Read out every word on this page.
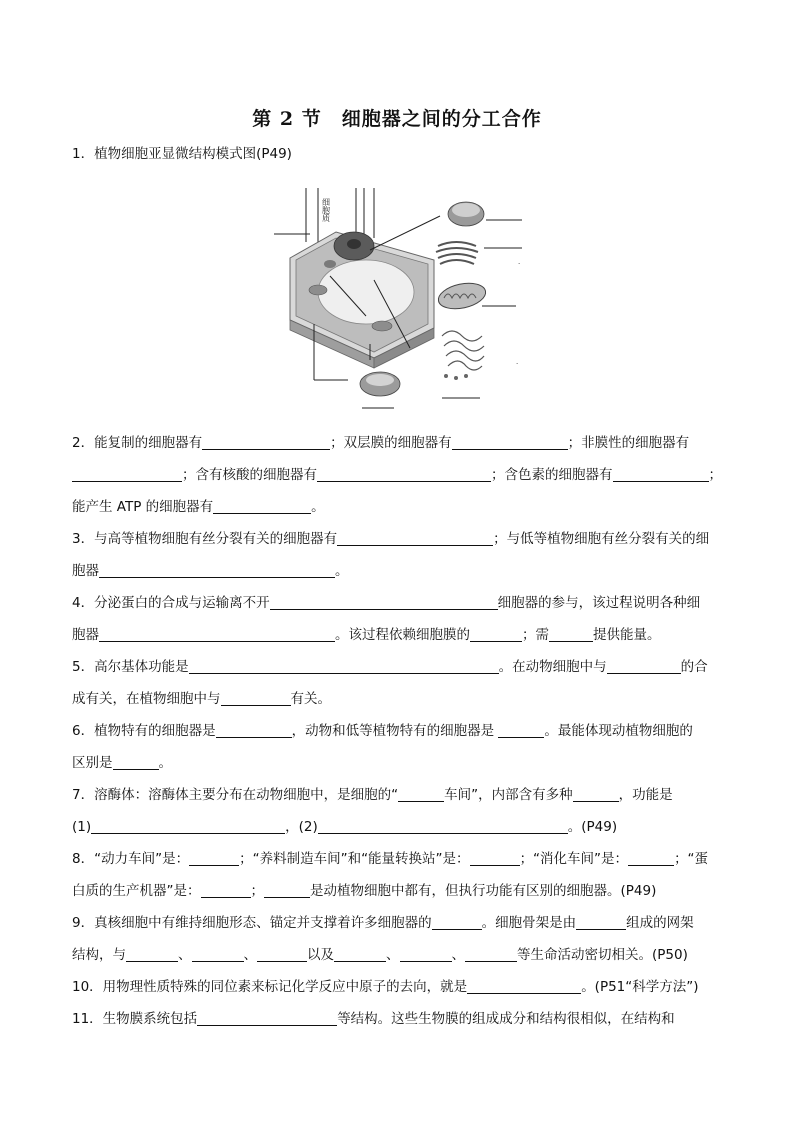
第 2 节　细胞器之间的分工合作
1．植物细胞亚显微结构模式图(P49)
细胞质
.
.
2．能复制的细胞器有	；双层膜的细胞器有	；非膜性的细胞器有
；含有核酸的细胞器有	；含色素的细胞器有	；
能产生 ATP 的细胞器有	。
3．与高等植物细胞有丝分裂有关的细胞器有	；与低等植物细胞有丝分裂有关的细
胞器	。
4．分泌蛋白的合成与运输离不开	细胞器的参与，该过程说明各种细
胞器	。该过程依赖细胞膜的	；需	提供能量。
5．高尔基体功能是	。在动物细胞中与	的合
成有关，在植物细胞中与	有关。
6．植物特有的细胞器是	，动物和低等植物特有的细胞器是	。最能体现动植物细胞的
区别是	。
7．溶酶体：溶酶体主要分布在动物细胞中，是细胞的“	车间”，内部含有多种	，功能是
(1)	，(2)	。(P49)
8．“动力车间”是：	；“养料制造车间”和“能量转换站”是：	；“消化车间”是：	；“蛋
白质的生产机器”是：	；	是动植物细胞中都有，但执行功能有区别的细胞器。(P49)
9．真核细胞中有维持细胞形态、锚定并支撑着许多细胞器的	。细胞骨架是由	组成的网架
结构，与	、	、	以及	、	、	等生命活动密切相关。(P50)
10．用物理性质特殊的同位素来标记化学反应中原子的去向，就是	。(P51“科学方法”)
11．生物膜系统包括	等结构。这些生物膜的组成成分和结构很相似，在结构和
